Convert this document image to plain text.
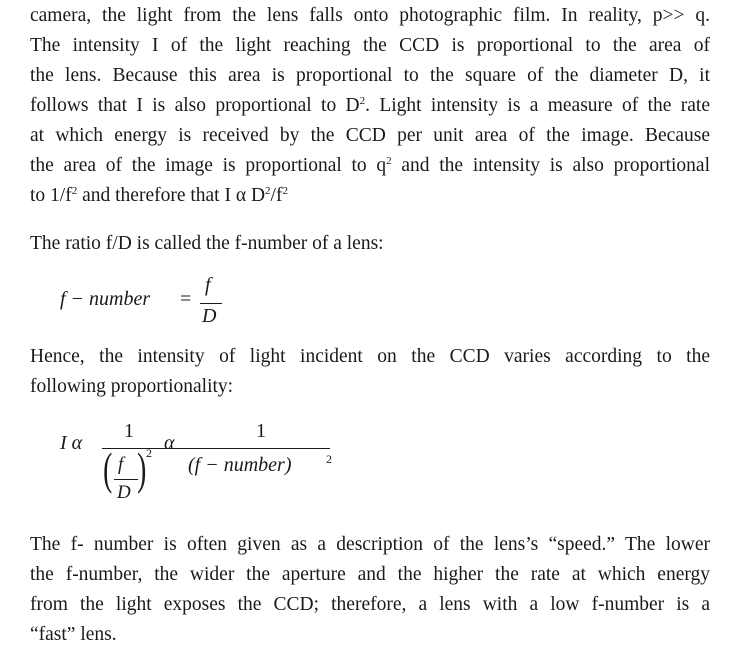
camera, the light from the lens falls onto photographic film. In reality, p>> q.
The intensity I of the light reaching the CCD is proportional to the area of
the lens. Because this area is proportional to the square of the diameter D, it
follows that I is also proportional to $D^2$. Light intensity is a measure of the rate
at which energy is received by the CCD per unit area of the image. Because
the area of the image is proportional to $q^2$ and the intensity is also proportional
to $1/f^2$ and therefore that I α $D^2/f^2$
The ratio f/D is called the f-number of a lens:
f − number =
f
D
Hence, the intensity of light incident on the CCD varies according to the
following proportionality:
I α
1
( f
D ) 2 α
1
(f − number)	2
The f- number is often given as a description of the lens’s “speed.” The lower
the f-number, the wider the aperture and the higher the rate at which energy
from the light exposes the CCD; therefore, a lens with a low f-number is a
“fast” lens.
